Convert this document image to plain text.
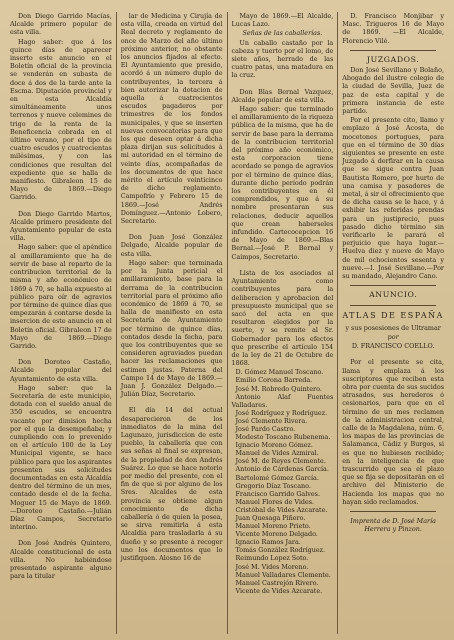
Don Diego Garrido Macías, Alcalde primero popular de esta villa.

Hago saber: que á los quince días de aparecer inserto este anuncio en el Boletín oficial de la provincia se venderán en subasta de doce á dos de la tarde ante la Escma. Diputación provincial y en esta Alcaldía simultáneamente unos terrenos y nueve celemines de trigo de la renta de la Beneficencia cobrada en el último verano, por el tipo de cuatro escudos y cuatrocientas milésimas, y con las condiciones que resultan del expediente que se halla de manifiesto. Gibraleon 15 de Mayo de 1869.—Diego Garrido.

Don Diego Garrido Martos, Alcalde primero presidente del Ayuntamiento popular de esta villa.

Hago saber: que el apéndice al amillaramiento que ha de servir de base al reparto de la contribucion territorial de la misma y año económico de 1869 á 70, se halla expuesto al público para oír de agravios por término de quince días que empezarán á contarse desde la insercion de este anuncio en el Boletín oficial. Gibraleon 17 de Mayo de 1869.—Diego Garrido.

Don Doroteo Castaño, Alcalde popular del Ayuntamiento de esta villa.

Hago saber: que la Secretaría de este municipio, dotada con el sueldo anual de 350 escudos, se encuentra vacante por dimision hecha por el que la desempeñaba; y cumpliendo con lo prevenido en el artículo 100 de la Ley Municipal vigente, se hace público para que los aspirantes presenten sus solicitudes documentadas en esta Alcaldía dentro del término de un mes, contado desde el de la fecha. Moguer 15 de Mayo de 1869.—Doroteo Castaño.—Julián Díaz Campos, Secretario interino.

Don José Andrés Quintero, Alcalde constitucional de esta villa. No habiéndose presentado aspirante alguno para la titular

lar de Medicina y Cirujía de esta villa, creada en virtud del Real decreto y reglamento de once de Marzo del año último próximo anterior, no obstante los anuncios fijados al efecto. El Ayuntamiento que presido, acordó á un número duplo de contribuyentes, la tercera á bien autorizar la dotacion de aquella á cuatrocientos escudos pagaderos por trimestres de los fondos municipales, y que se inserten nuevas convocatorias para que los que deseen optar á dicha plaza dirijan sus solicitudes á mi autoridad en el término de veinte días, acompañadas de los documentos de que hace mérito el artículo veinticinco de dicho reglamento. Campofrío y Febrero 15 de 1869.—José Andrés Domínguez.—Antonio Lobero, Secretario.

Don Juan José González Delgado, Alcalde popular de esta villa.

Hago saber: que terminada por la Junta pericial el amillaramiento, base para la derrama de la contribucion territorial para el próximo año económico de 1869 á 70, se halla de manifiesto en esta Secretaría de Ayuntamiento por término de quince días, contados desde la fecha, para que los contribuyentes que se consideren agraviados puedan hacer las reclamaciones que estimen justas. Paterna del Campo 14 de Mayo de 1869.—Juan J. González Delgado.—Julián Díaz, Secretario.

El día 14 del actual desaparecieron de los inmediatos de la mina del Lagunazo, jurisdiccion de este pueblo, la caballería que con sus señas al final se expresan, de la propiedad de don Andrés Suárez. Lo que se hace notorio por medio del presente, con el fin de que si por alguno de los Sres. Alcaldes de esta provincia se obtiene algun conocimiento de dicha caballería ó de quien la posea, se sirva remitirla á esta Alcaldía para trasladarla á su dueño y se presente á recoger uno los documentos que lo justifiquen. Alosno 16 de

Mayo de 1869.—El Alcalde, Lucas Lazo.

Señas de las caballerías.

Un caballo castaño por la cabeza y tuerto por el lomo, de siete años, herrado de las cuatro patas, una matadura en la cruz.

Don Blas Bernal Vazquez, Alcalde popular de esta villa.

Hago saber: que terminado el amillaramiento de la riqueza pública de la misma, que ha de servir de base para la derrama de la contribucion territorial del próximo año económico, esta corporacion tiene acordado se ponga de agravios por el término de quince días, durante dicho período podrán los contribuyentes en él comprendidos, y que á su nombre presentaran sus relaciones, deducir aquellos que crean haberseles infundido. Cartecocepcion 16 de Mayo de 1869.—Blas Bernal.—José P. Bernal y Caimpos, Secretario.

Lista de los asociados al Ayuntamiento como contribuyentes para la deliberacion y aprobacion del presupuesto municipal que se sacó del acta en que resultaron elegidos por la suerte, y se remite al Sr. Gobernador para los efectos que prescribe el artículo 154 de la ley de 21 de Octubre de 1868.

D. Gómez Manuel Toscano.

Emilio Corona Barreda.

José M. Robredo Quintero.

Antonio Alaf Fuentes Valladares.

José Rodríguez y Rodríguez.

José Clemente Rivera.

José Pardo Castro.

Modesto Toscano Rubenema.

Ignacio Moreno Gómez.

Manuel de Vides Azmiral.

José M. de Reyes Clemente.

Antonio de Cárdenas García.

Bartolomé Gómez García.

Gregorio Díaz Toscano.

Francisco Garrido Galves.

Manuel Flores de Vides.

Cristóbal de Vides Azcarate.

Juan Quesaga Piñero.

Manuel Moreno Prieto.

Vicente Moreno Delgado.

Ignacio Ramos Jara.

Tomás González Rodríguez.

Reimundo Lopez Soto.

José M. Vides Moreno.

Manuel Valladares Clemente.

Manuel Castrejón Rivero.

Vicente de Vides Azcarate.

D. Francisco Monjibar y Masc. Trigueros 16 de Mayo de 1869. —El Alcalde, Florencio Vilé.

JUZGADOS.

Don José Sevillano y Bolaño, Abogado del ilustre colegio de la ciudad de Sevilla, Juez de paz de esta capital y de primera instancia de este partido.

Por el presente cito, llamo y emplazo á José Acosta, de mocetones portugues, para que en el término de 30 días siguientes se presente en este Juzgado á derfirar en la causa que se sigue contra Juan Bautista Romero, por hurto de una camisa y pasadores de metal, á sir el ofrecimiento que de dicha causa se le hace, y á exhibir las referidas prendas para un justiprecio, pues pasado dicho término sin verificarlo le parará el perjuicio que haya lugar.—Huelva diez y nueve de Mayo de mil ochocientos sesenta y nueve.—I. José Sevillano.—Por su mandado, Alejandro Cano.

ANUNCIO.

ATLAS DE ESPAÑA

y sus posesiones de Ultramar

por

D. FRANCISCO COELLO.

Por el presente se cita, llama y emplaza á los suscriptores que reciben esta obra por cuenta de sus sucidos atrasados, sus herederos ó cesionarios, para que en el término de un mes reclamen de la administracion central, calle de la Magdalena, núm. 6, los mapas de las provincias de Salamanca, Cádiz y Burgos, si es que no hubiesen recibido; en la inteligencia de que trascurrido que sea el plazo que se fija se depositarán en el archivo del Ministerio de Hacienda los mapas que no hayan sido reclamados.

Imprenta de D. José María Herrera y Pinzon.
